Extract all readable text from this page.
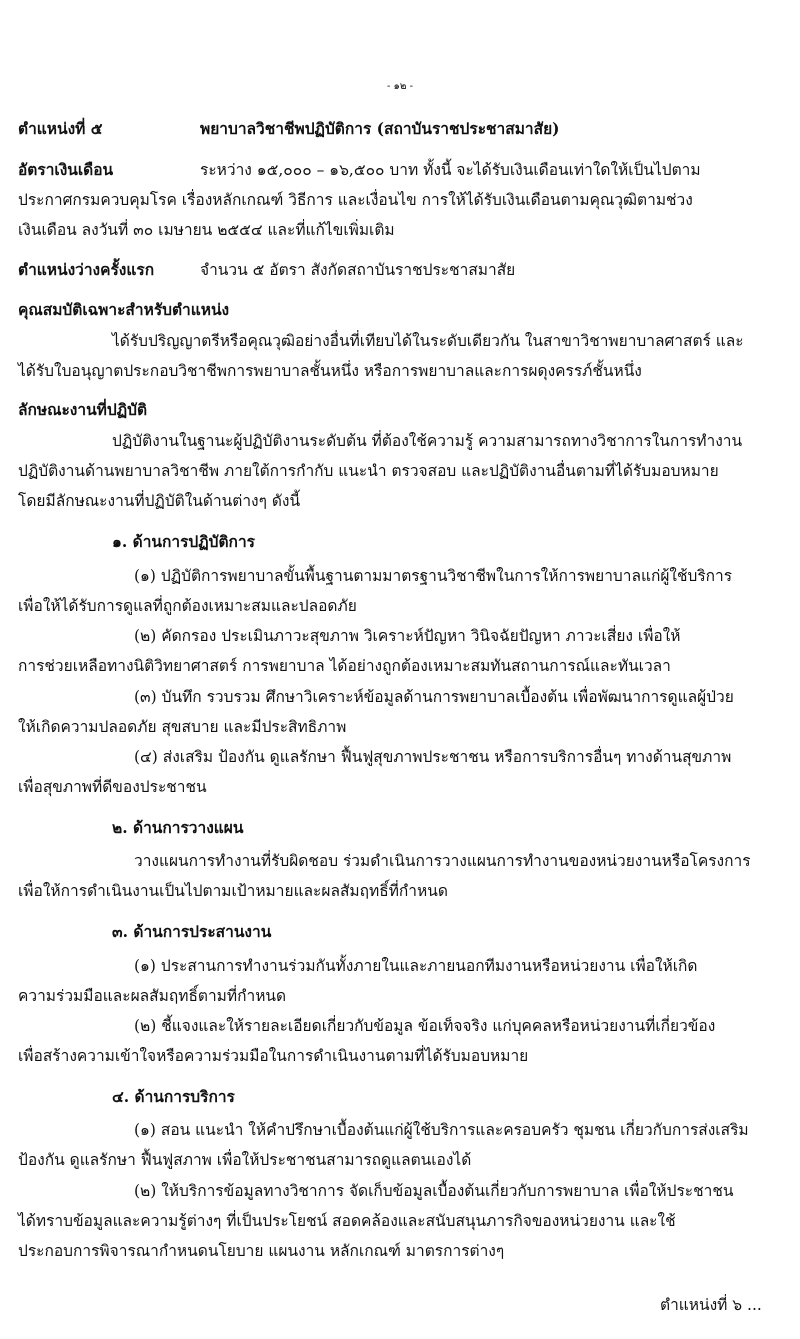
- ๑๒ -
ตำแหน่งที่ ๕	พยาบาลวิชาชีพปฏิบัติการ (สถาบันราชประชาสมาสัย)
อัตราเงินเดือน	ระหว่าง ๑๕,๐๐๐ – ๑๖,๕๐๐ บาท ทั้งนี้ จะได้รับเงินเดือนเท่าใดให้เป็นไปตาม
ประกาศกรมควบคุมโรค เรื่องหลักเกณฑ์ วิธีการ และเงื่อนไข การให้ได้รับเงินเดือนตามคุณวุฒิตามช่วง
เงินเดือน ลงวันที่ ๓๐ เมษายน ๒๕๕๔ และที่แก้ไขเพิ่มเติม
ตำแหน่งว่างครั้งแรก	จำนวน ๕ อัตรา สังกัดสถาบันราชประชาสมาสัย
คุณสมบัติเฉพาะสำหรับตำแหน่ง
ได้รับปริญญาตรีหรือคุณวุฒิอย่างอื่นที่เทียบได้ในระดับเดียวกัน ในสาขาวิชาพยาบาลศาสตร์ และ
ได้รับใบอนุญาตประกอบวิชาชีพการพยาบาลชั้นหนึ่ง หรือการพยาบาลและการผดุงครรภ์ชั้นหนึ่ง
ลักษณะงานที่ปฏิบัติ
ปฏิบัติงานในฐานะผู้ปฏิบัติงานระดับต้น ที่ต้องใช้ความรู้ ความสามารถทางวิชาการในการทำงาน
ปฏิบัติงานด้านพยาบาลวิชาชีพ ภายใต้การกำกับ แนะนำ ตรวจสอบ และปฏิบัติงานอื่นตามที่ได้รับมอบหมาย
โดยมีลักษณะงานที่ปฏิบัติในด้านต่างๆ ดังนี้
๑. ด้านการปฏิบัติการ
(๑) ปฏิบัติการพยาบาลขั้นพื้นฐานตามมาตรฐานวิชาชีพในการให้การพยาบาลแก่ผู้ใช้บริการ
เพื่อให้ได้รับการดูแลที่ถูกต้องเหมาะสมและปลอดภัย
(๒) คัดกรอง ประเมินภาวะสุขภาพ วิเคราะห์ปัญหา วินิจฉัยปัญหา ภาวะเสี่ยง เพื่อให้
การช่วยเหลือทางนิติวิทยาศาสตร์ การพยาบาล ได้อย่างถูกต้องเหมาะสมทันสถานการณ์และทันเวลา
(๓) บันทึก รวบรวม ศึกษาวิเคราะห์ข้อมูลด้านการพยาบาลเบื้องต้น เพื่อพัฒนาการดูแลผู้ป่วย
ให้เกิดความปลอดภัย สุขสบาย และมีประสิทธิภาพ
(๔) ส่งเสริม ป้องกัน ดูแลรักษา ฟื้นฟูสุขภาพประชาชน หรือการบริการอื่นๆ ทางด้านสุขภาพ
เพื่อสุขภาพที่ดีของประชาชน
๒. ด้านการวางแผน
วางแผนการทำงานที่รับผิดชอบ ร่วมดำเนินการวางแผนการทำงานของหน่วยงานหรือโครงการ
เพื่อให้การดำเนินงานเป็นไปตามเป้าหมายและผลสัมฤทธิ์ที่กำหนด
๓. ด้านการประสานงาน
(๑) ประสานการทำงานร่วมกันทั้งภายในและภายนอกทีมงานหรือหน่วยงาน เพื่อให้เกิด
ความร่วมมือและผลสัมฤทธิ์ตามที่กำหนด
(๒) ชี้แจงและให้รายละเอียดเกี่ยวกับข้อมูล ข้อเท็จจริง แก่บุคคลหรือหน่วยงานที่เกี่ยวข้อง
เพื่อสร้างความเข้าใจหรือความร่วมมือในการดำเนินงานตามที่ได้รับมอบหมาย
๔. ด้านการบริการ
(๑) สอน แนะนำ ให้คำปรึกษาเบื้องต้นแก่ผู้ใช้บริการและครอบครัว ชุมชน เกี่ยวกับการส่งเสริม
ป้องกัน ดูแลรักษา ฟื้นฟูสภาพ เพื่อให้ประชาชนสามารถดูแลตนเองได้
(๒) ให้บริการข้อมูลทางวิชาการ จัดเก็บข้อมูลเบื้องต้นเกี่ยวกับการพยาบาล เพื่อให้ประชาชน
ได้ทราบข้อมูลและความรู้ต่างๆ ที่เป็นประโยชน์ สอดคล้องและสนับสนุนภารกิจของหน่วยงาน และใช้
ประกอบการพิจารณากำหนดนโยบาย แผนงาน หลักเกณฑ์ มาตรการต่างๆ
ตำแหน่งที่ ๖ ...
